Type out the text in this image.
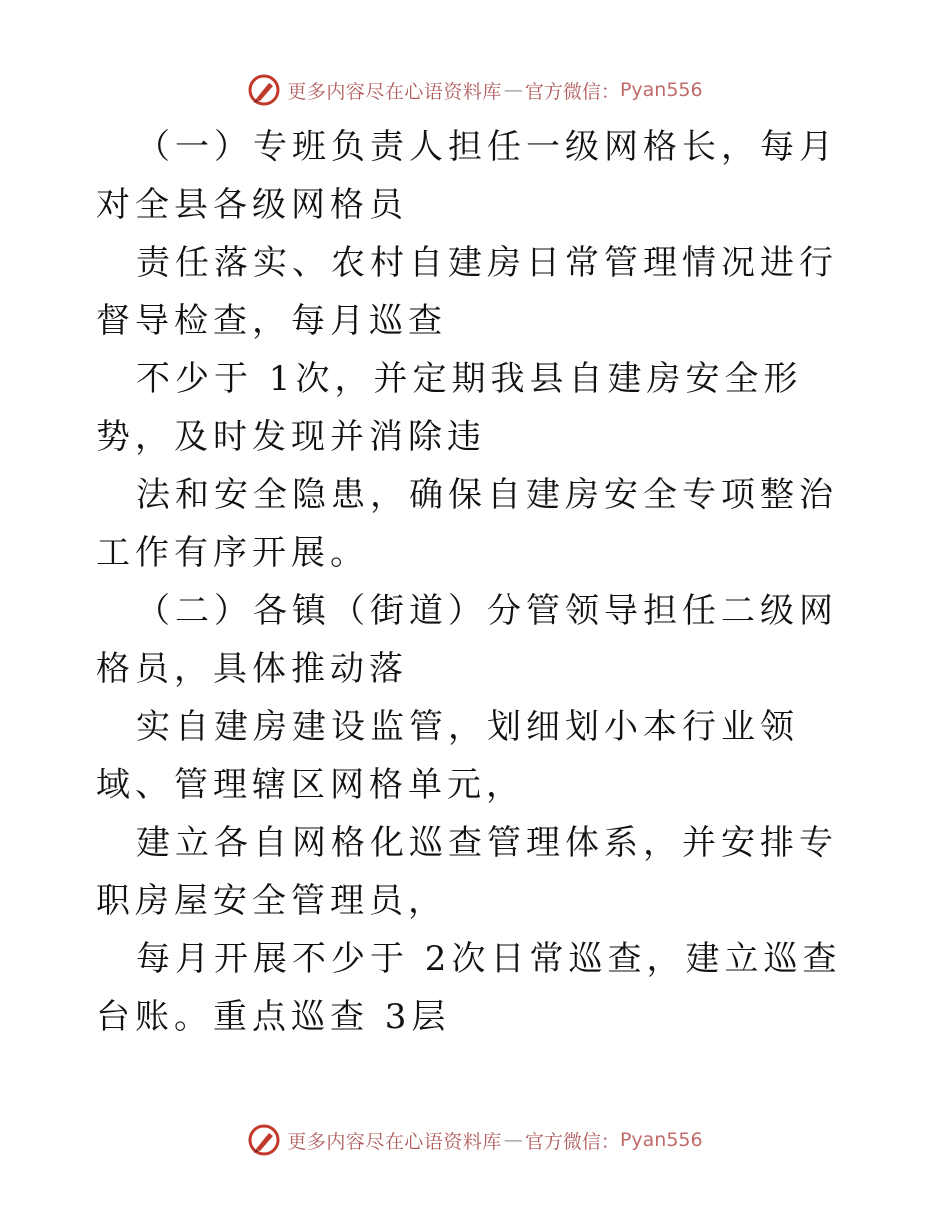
更多内容尽在心语资料库 — 官方微信： Pyan556

（一）专班负责人担任一级网格长，每月对全县各级网格员

责任落实、农村自建房日常管理情况进行督导检查，每月巡查

不少于 1次，并定期我县自建房安全形势，及时发现并消除违

法和安全隐患，确保自建房安全专项整治工作有序开展。

（二）各镇（街道）分管领导担任二级网格员，具体推动落

实自建房建设监管，划细划小本行业领域、管理辖区网格单元，

建立各自网格化巡查管理体系，并安排专职房屋安全管理员，

每月开展不少于 2次日常巡查，建立巡查台账。重点巡查 3层

更多内容尽在心语资料库 — 官方微信： Pyan556
